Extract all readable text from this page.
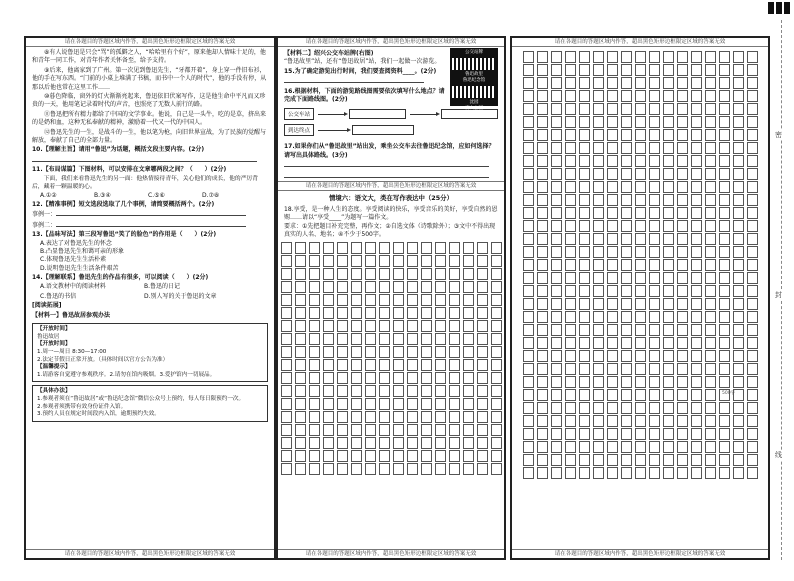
请在各题目的答题区域内作答，超出黑色矩形边框限定区域的答案无效

⑧有人说鲁迅是只会“骂”的孤僻之人，“哈哈里有个好”，原来他却人情味十足的，他和青年一同工作，对青年作者关怀备至，给予支持。

⑨后来，他离家到了广州。第一次见到鲁迅先生，“牙都开着”，身上穿一件旧布衫，他的手在写东西。“门前的小桌上堆满了书稿，而书中一个人的时代”，他的手没有停，从那以后他也常在这里工作……

⑩暮色降临，窗外的灯火渐渐亮起来，鲁迅依旧伏案写作，这是他生命中平凡而又珍贵的一天，他用笔记录着时代的声音，也照亮了无数人前行的路。

⑪鲁迅把所有精力都给了中国的文学事业。他说，自己是一头牛，吃的是草，挤出来的是奶和血，这种无私奉献的精神，激励着一代又一代的中国人。

⑫鲁迅先生的一生，是战斗的一生，他以笔为枪，向旧世界宣战，为了民族的觉醒与解放，奉献了自己的全部力量。

10.【理解主旨】请用“鲁迅”为话题，概括文段主要内容。(2分)
11.【布局谋篇】下图材料，可以安排在文章哪两段之间？（　　）(2分)
　　下面，我们来看鲁迅先生的另一面：他热情接待青年，关心他们的成长，他的严厉背后，藏着一颗温暖的心。
A.①②	B.③④	C.⑤⑥	D.⑦⑧
12.【精准事例】短文选段选取了几个事例，请简要概括两个。(2分)
事例一：
事例二：
13.【品味写法】第三段写鲁迅“笑了的脸色”的作用是（　　）(2分)
A.表达了对鲁迅先生的怀念
B.凸显鲁迅先生和蔼可亲的形象
C.体现鲁迅先生生活朴素
D.说明鲁迅先生生活条件艰苦
14.【理解联系】鲁迅先生的作品有很多，可以阅读（　　）(2分)
A.语文教材中的阅读材料	B.鲁迅的日记
C.鲁迅的书信	D.别人写的关于鲁迅的文章
[阅读拓展]
【材料一】鲁迅故居参观办法
【开放时间】
鲁迅故居
【开放时间】
1.周一—周日 8:30—17:00
2.法定节假日正常开放。（具体时间以官方公告为准）
【温馨提示】
1.请游客自觉遵守参观秩序。2.请勿在馆内吸烟。3.爱护馆内一切展品。
【具体办法】
1.参观者须在“鲁迅故居”或“鲁迅纪念馆”微信公众号上预约，每人每日限预约一次。
2.参观者须携带有效身份证件入馆。
3.预约人员在规定时间段内入馆，逾期预约失效。
请在各题目的答题区域内作答，超出黑色矩形边框限定区域的答案无效
请在各题目的答题区域内作答，超出黑色矩形边框限定区域的答案无效
公交站牌
鲁迅故里
鲁迅纪念馆
沈园
府山公园
【材料二】绍兴公交车站牌(右图)
“鲁迅故里”站，还有“鲁迅故居”站，我们一起做一次游览。
15.为了确定游览出行时间，我们要查阅资料____。(2分)
16.根据材料，下面的游览路线图需要依次填写什么地点？请完成下面路线图。(2分)
公交车站
到达终点
17.如果你们从“鲁迅故里”站出发，乘坐公交车去往鲁迅纪念馆，应如何选择？请写出具体路线。(3分)
请在各题目的答题区域内作答，超出黑色矩形边框限定区域的答案无效
情境六：语文大，类在写作表达中（25分）
18.享受，是一种人生的态度。享受阅读的快乐，享受音乐的美好，享受自然的恩赐……请以“享受____”为题写一篇作文。
要求：①先把题目补充完整，再作文；②自选文体（诗歌除外）；③文中不得出现真实的人名、地名；④不少于500字。
请在各题目的答题区域内作答，超出黑色矩形边框限定区域的答案无效
请在各题目的答题区域内作答，超出黑色矩形边框限定区域的答案无效
500字
请在各题目的答题区域内作答，超出黑色矩形边框限定区域的答案无效
密
封
线
